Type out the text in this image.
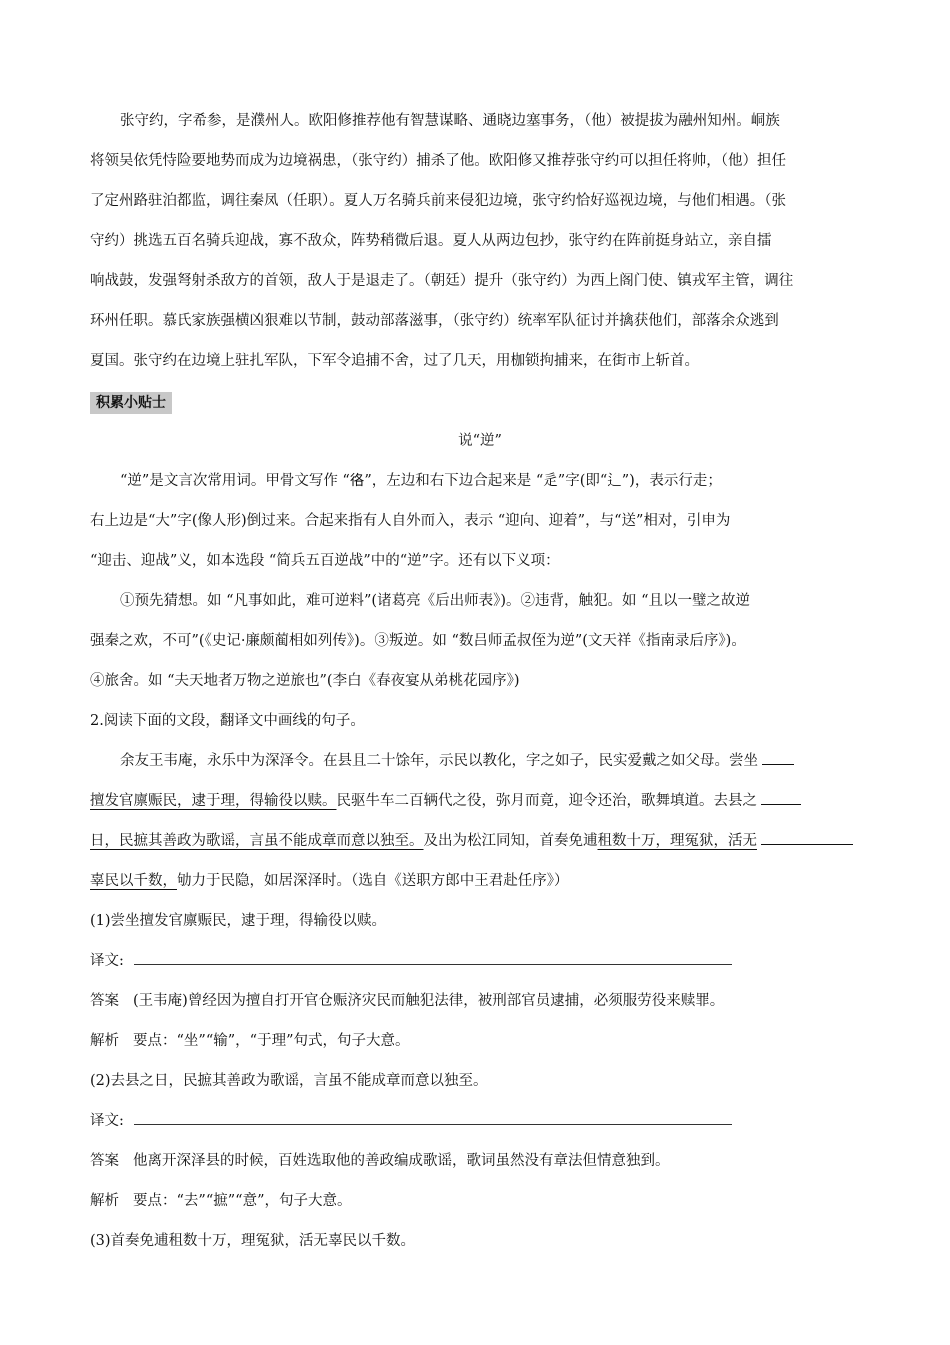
张守约，字希参，是濮州人。欧阳修推荐他有智慧谋略、通晓边塞事务，（他）被提拔为融州知州。峒族
将领吴依凭恃险要地势而成为边境祸患，（张守约）捕杀了他。欧阳修又推荐张守约可以担任将帅，（他）担任
了定州路驻泊都监，调往秦凤（任职）。夏人万名骑兵前来侵犯边境，张守约恰好巡视边境，与他们相遇。（张
守约）挑选五百名骑兵迎战，寡不敌众，阵势稍微后退。夏人从两边包抄，张守约在阵前挺身站立，亲自擂
响战鼓，发强弩射杀敌方的首领，敌人于是退走了。（朝廷）提升（张守约）为西上阁门使、镇戎军主管，调往
环州任职。慕氏家族强横凶狠难以节制，鼓动部落滋事，（张守约）统率军队征讨并擒获他们，部落余众逃到
夏国。张守约在边境上驻扎军队，下军令追捕不舍，过了几天，用枷锁拘捕来，在街市上斩首。
积累小贴士
说“逆”
“逆”是文言次常用词。甲骨文写作 “𢓜”，左边和右下边合起来是 “辵”字(即“⻍”)，表示行走；
右上边是“大”字(像人形)倒过来。合起来指有人自外而入，表示 “迎向、迎着”，与“送”相对，引申为
“迎击、迎战”义，如本选段 “简兵五百逆战”中的“逆”字。还有以下义项：
①预先猜想。如 “凡事如此，难可逆料”(诸葛亮《后出师表》)。②违背，触犯。如 “且以一璧之故逆
强秦之欢，不可”(《史记·廉颇蔺相如列传》)。③叛逆。如 “数吕师孟叔侄为逆”(文天祥《指南录后序》)。
④旅舍。如 “夫天地者万物之逆旅也”(李白《春夜宴从弟桃花园序》)
2.阅读下面的文段，翻译文中画线的句子。
余友王韦庵，永乐中为深泽令。在县且二十馀年，示民以教化，字之如子，民实爱戴之如父母。尝坐
擅发官廪赈民，逮于理，得输役以赎。民驱牛车二百辆代之役，弥月而竟，迎令还治，歌舞填道。去县之
日，民摭其善政为歌谣，言虽不能成章而意以独至。及出为松江同知，首奏免逋租数十万，理冤狱，活无
辜民以千数，劬力于民隐，如居深泽时。（选自《送职方郎中王君赴任序》）
(1)尝坐擅发官廪赈民，逮于理，得输役以赎。
译文:
答案 (王韦庵)曾经因为擅自打开官仓赈济灾民而触犯法律，被刑部官员逮捕，必须服劳役来赎罪。
解析 要点：“坐”“输”，“于理”句式，句子大意。
(2)去县之日，民摭其善政为歌谣，言虽不能成章而意以独至。
译文:
答案 他离开深泽县的时候，百姓选取他的善政编成歌谣，歌词虽然没有章法但情意独到。
解析 要点：“去”“摭”“意”，句子大意。
(3)首奏免逋租数十万，理冤狱，活无辜民以千数。
